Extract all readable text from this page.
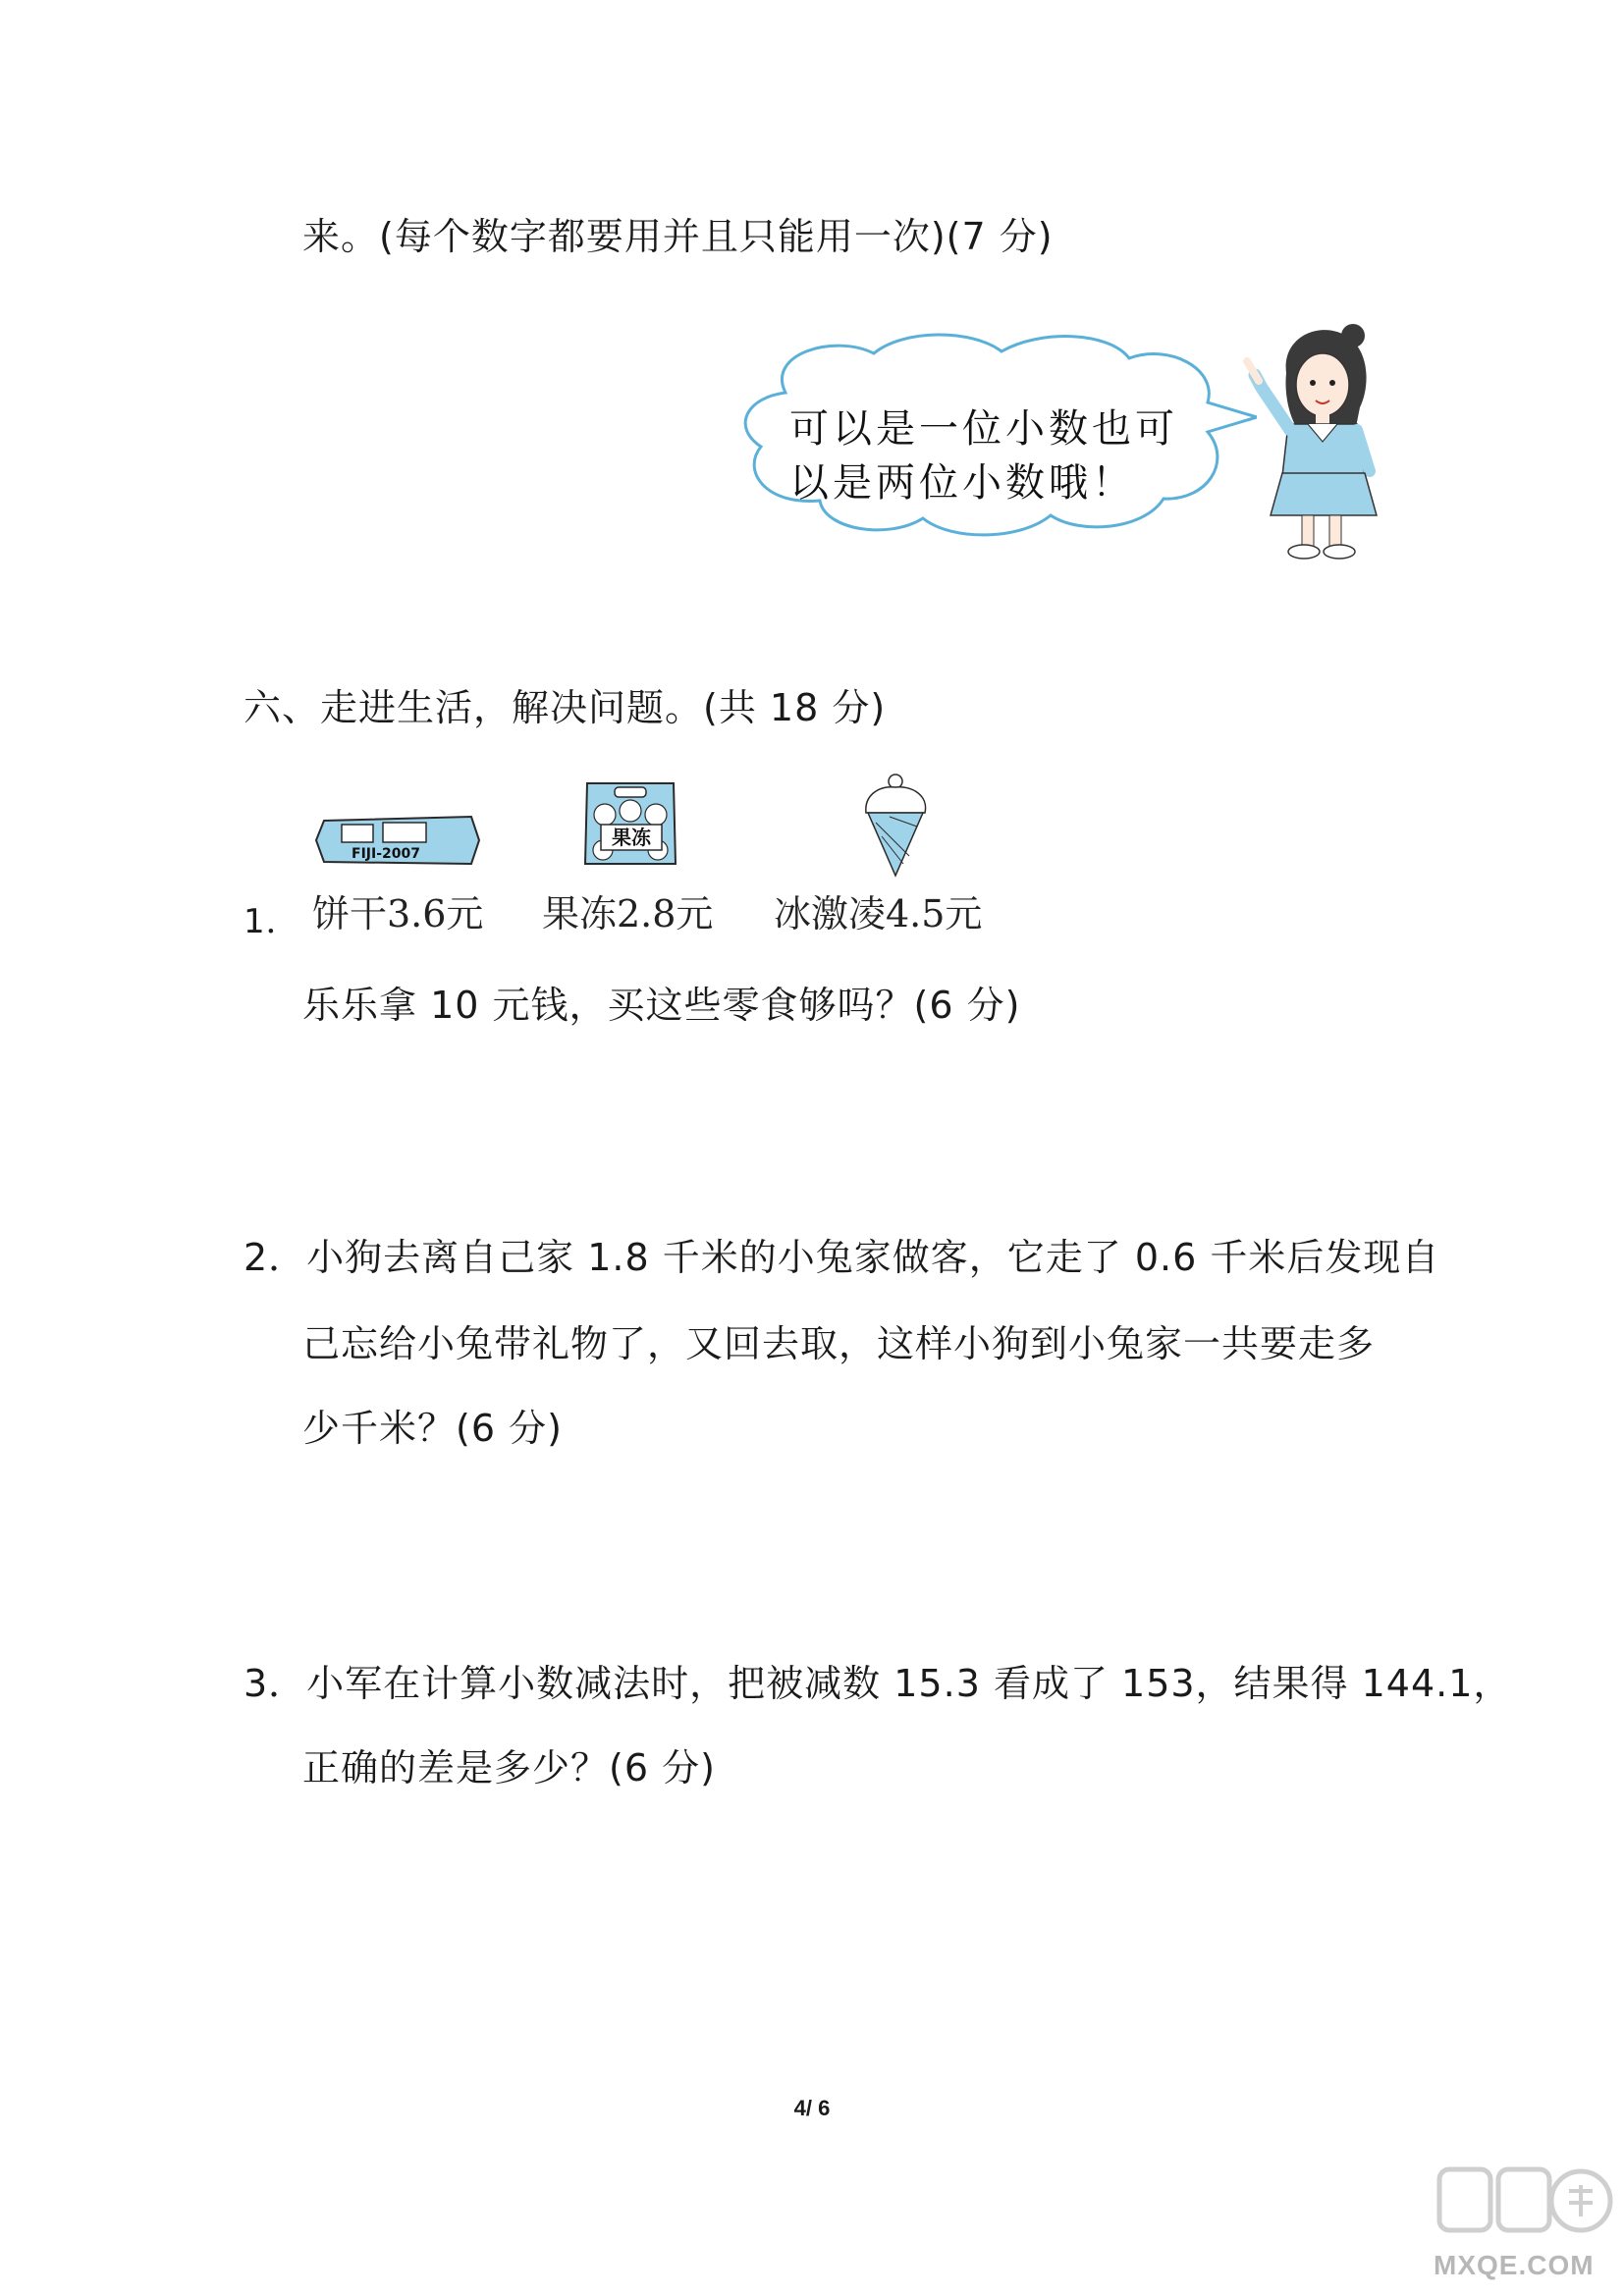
来。(每个数字都要用并且只能用一次)(7 分)
可以是一位小数也可
以是两位小数哦！
六、走进生活，解决问题。(共 18 分)
FIJI-2007
果冻
1． 饼干3.6元 果冻2.8元 冰激凌4.5元
乐乐拿 10 元钱，买这些零食够吗？(6 分)
2．小狗去离自己家 1.8 千米的小兔家做客，它走了 0.6 千米后发现自
己忘给小兔带礼物了，又回去取，这样小狗到小兔家一共要走多
少千米？(6 分)
3．小军在计算小数减法时，把被减数 15.3 看成了 153，结果得 144.1，
正确的差是多少？(6 分)
4/ 6
MXQE.COM
